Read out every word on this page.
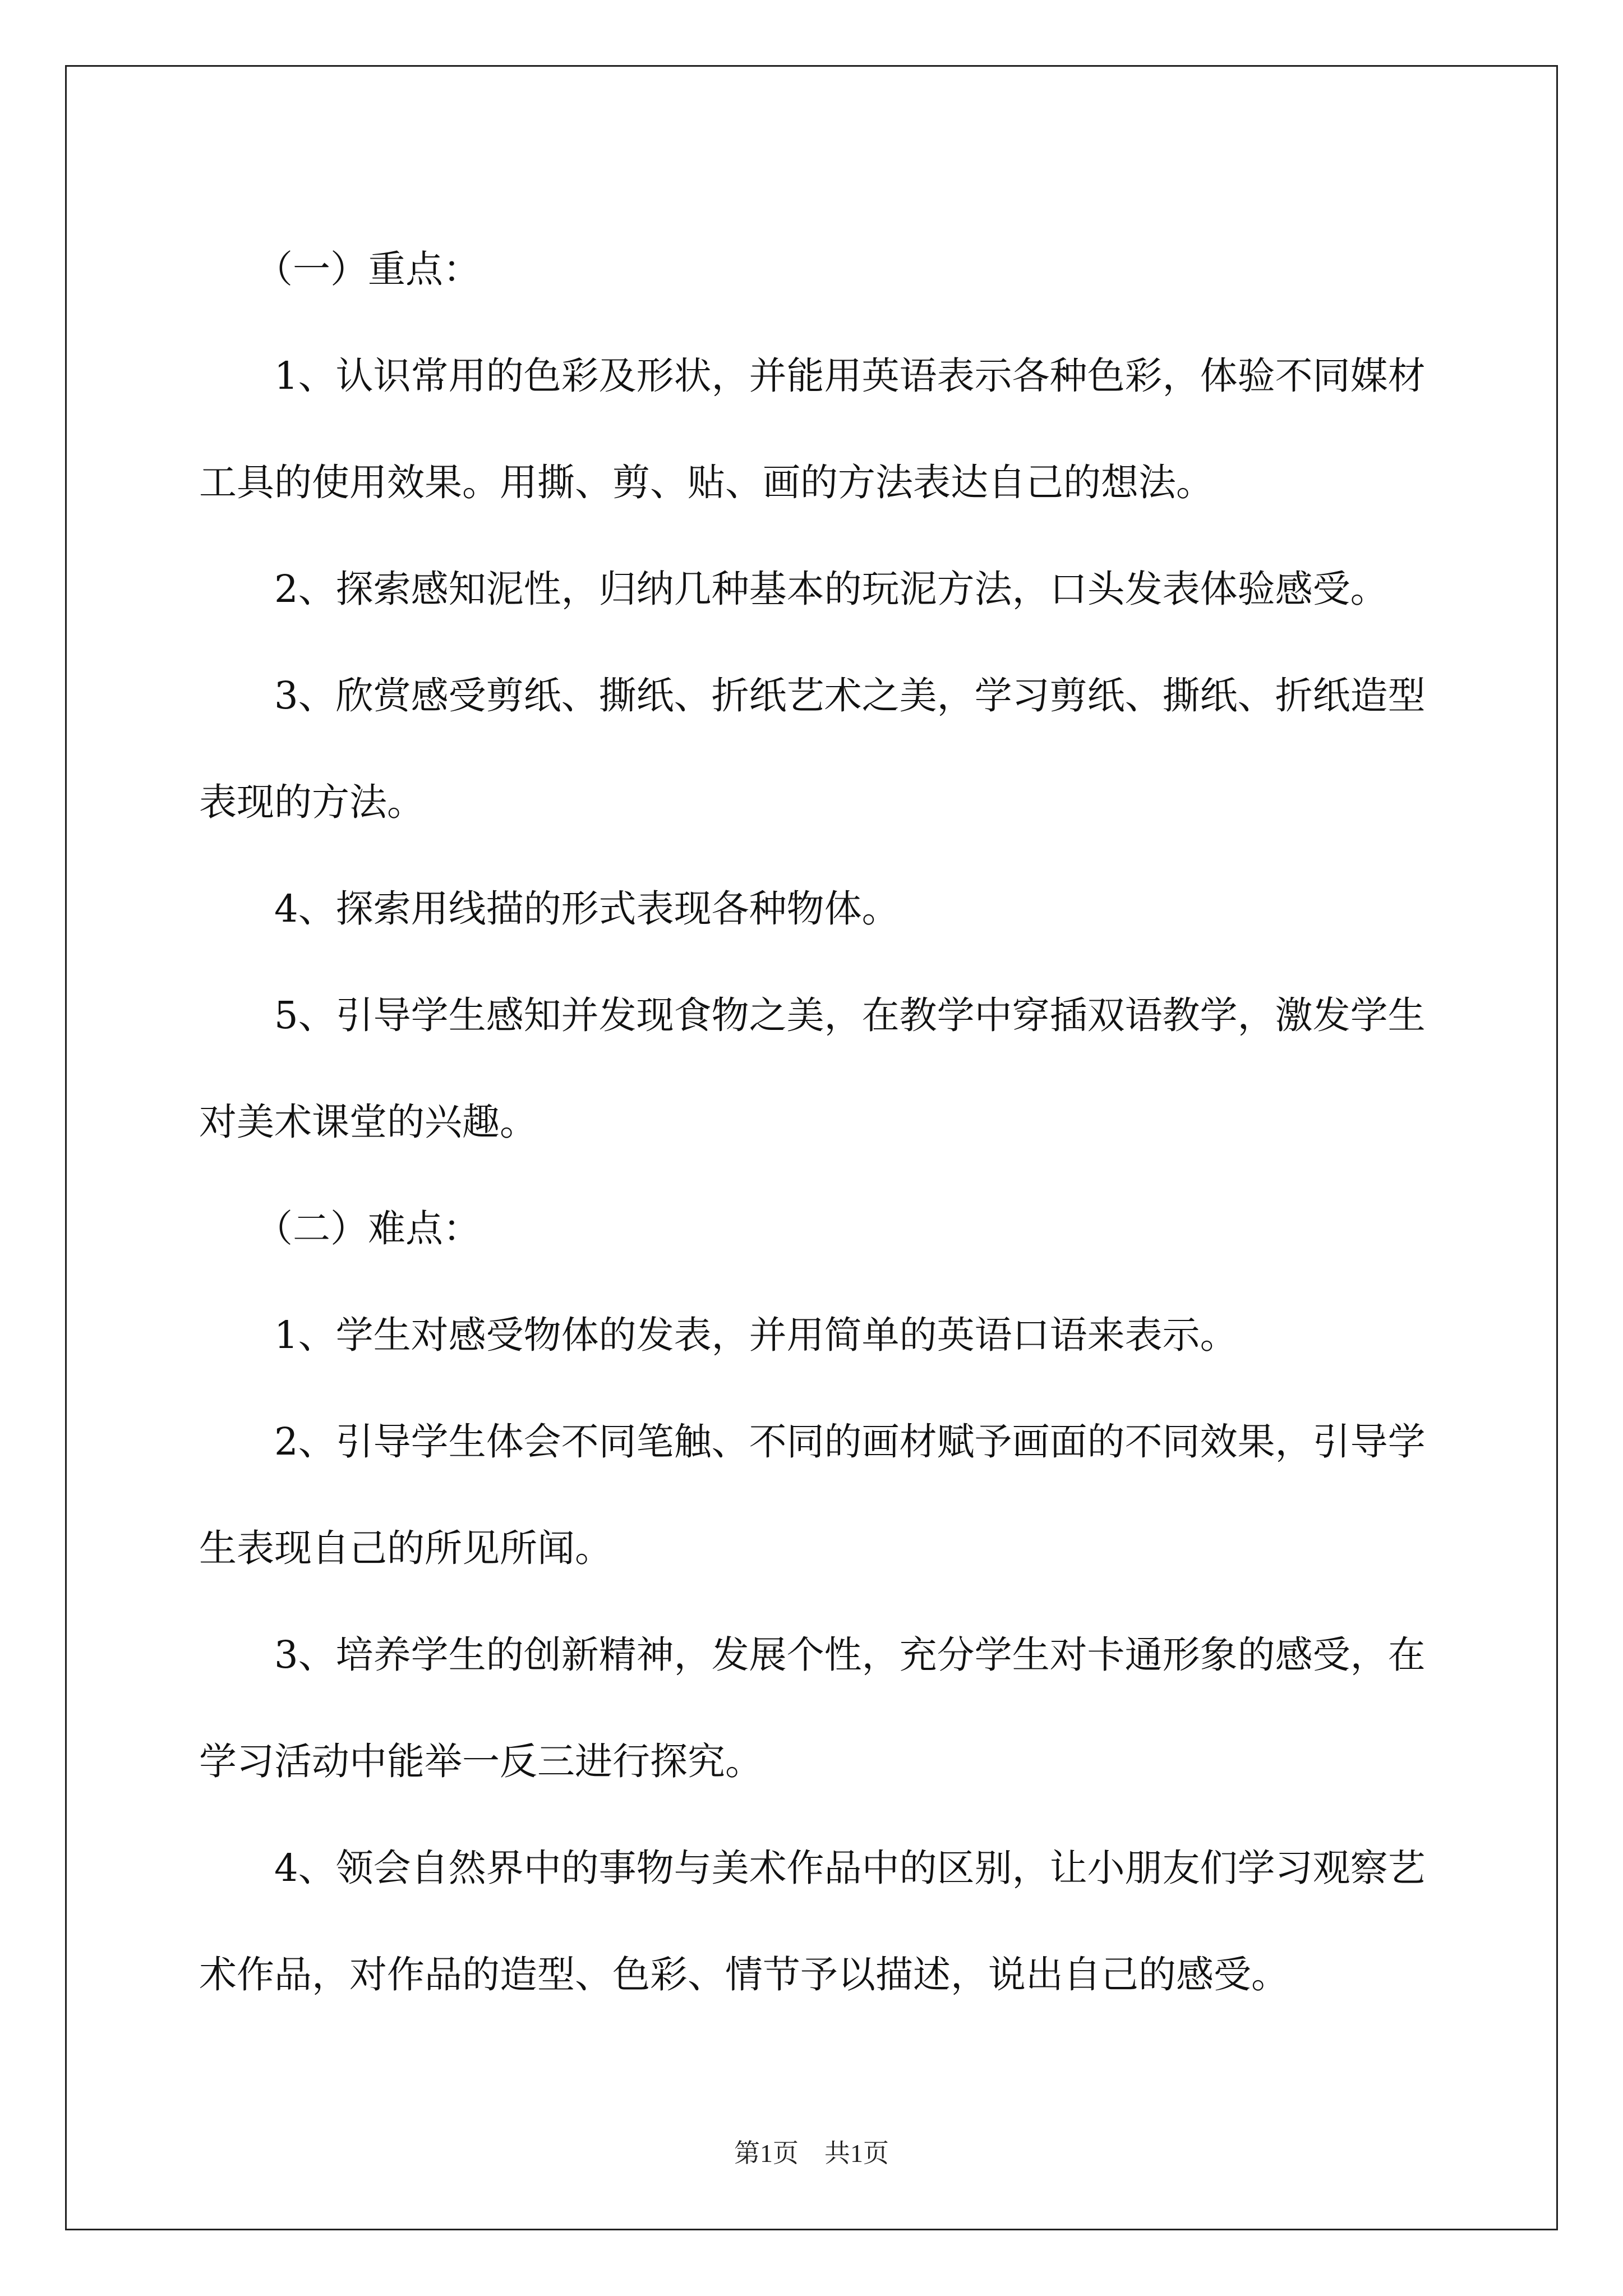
（一）重点：

1、认识常用的色彩及形状，并能用英语表示各种色彩，体验不同媒材工具的使用效果。用撕、剪、贴、画的方法表达自己的想法。

2、探索感知泥性，归纳几种基本的玩泥方法，口头发表体验感受。

3、欣赏感受剪纸、撕纸、折纸艺术之美，学习剪纸、撕纸、折纸造型表现的方法。

4、探索用线描的形式表现各种物体。

5、引导学生感知并发现食物之美，在教学中穿插双语教学，激发学生对美术课堂的兴趣。

（二）难点：

1、学生对感受物体的发表，并用简单的英语口语来表示。

2、引导学生体会不同笔触、不同的画材赋予画面的不同效果，引导学生表现自己的所见所闻。

3、培养学生的创新精神，发展个性，充分学生对卡通形象的感受，在学习活动中能举一反三进行探究。

4、领会自然界中的事物与美术作品中的区别，让小朋友们学习观察艺术作品，对作品的造型、色彩、情节予以描述，说出自己的感受。

第1页 共1页
